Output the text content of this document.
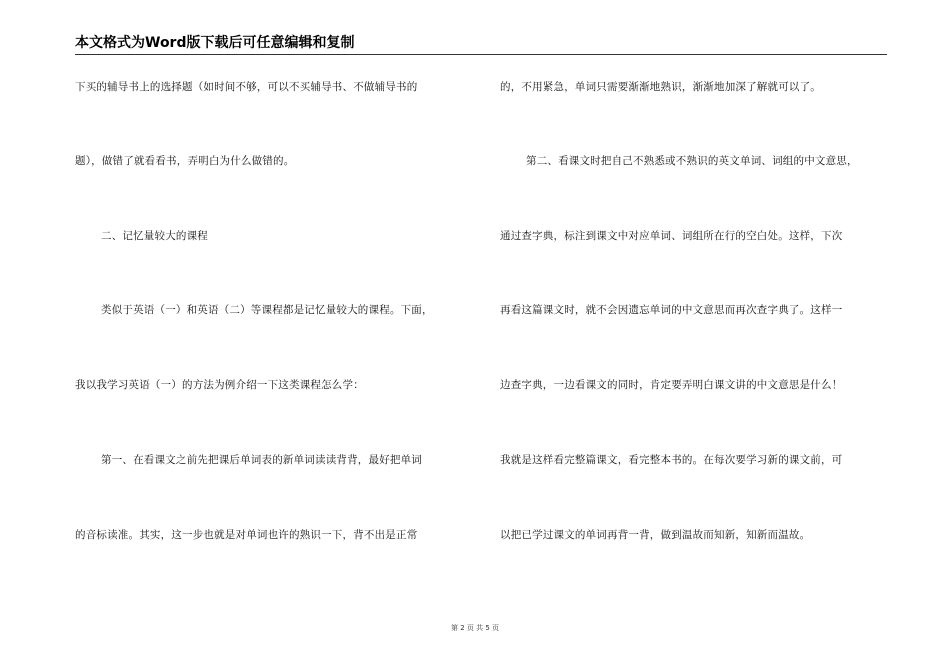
本文格式为Word版下载后可任意编辑和复制
下买的辅导书上的选择题（如时间不够，可以不买辅导书、不做辅导书的
题），做错了就看看书，弄明白为什么做错的。
二、记忆量较大的课程
类似于英语（一）和英语（二）等课程都是记忆量较大的课程。下面，
我以我学习英语（一）的方法为例介绍一下这类课程怎么学：
第一、在看课文之前先把课后单词表的新单词读读背背，最好把单词
的音标读准。其实，这一步也就是对单词也许的熟识一下，背不出是正常
的，不用紧急，单词只需要渐渐地熟识，渐渐地加深了解就可以了。
第二、看课文时把自己不熟悉或不熟识的英文单词、词组的中文意思，
通过查字典，标注到课文中对应单词、词组所在行的空白处。这样，下次
再看这篇课文时，就不会因遗忘单词的中文意思而再次查字典了。这样一
边查字典，一边看课文的同时，肯定要弄明白课文讲的中文意思是什么！
我就是这样看完整篇课文，看完整本书的。在每次要学习新的课文前，可
以把已学过课文的单词再背一背，做到温故而知新，知新而温故。
第 2 页 共 5 页
